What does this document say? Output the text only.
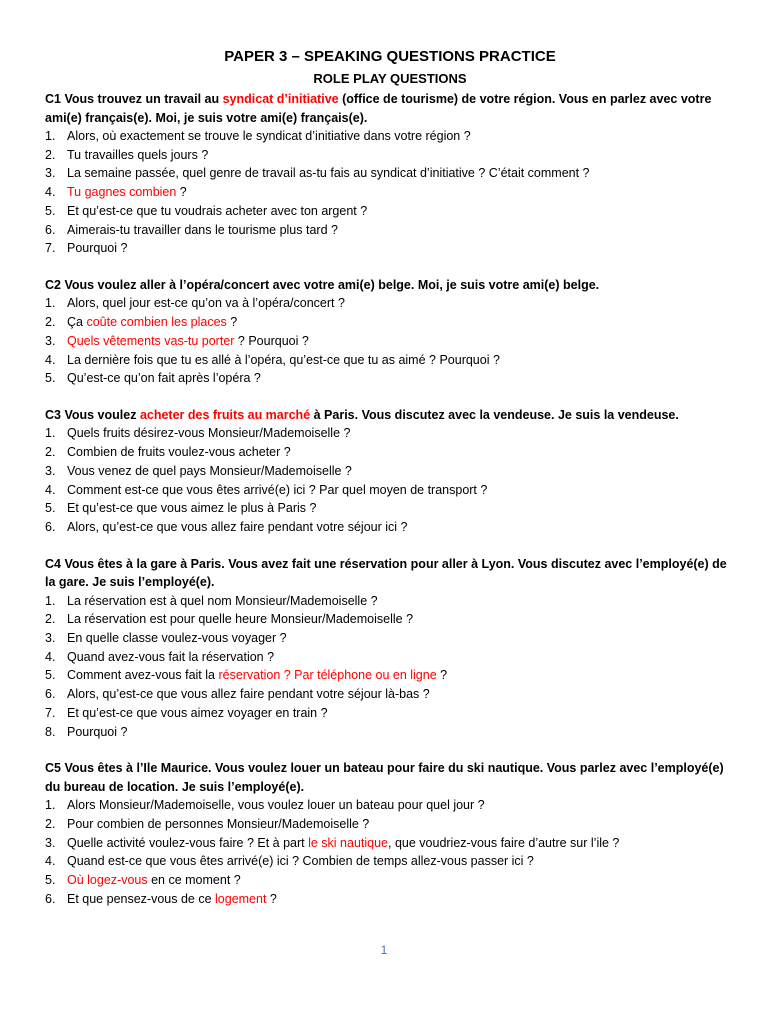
PAPER 3 – SPEAKING QUESTIONS PRACTICE
ROLE PLAY QUESTIONS
C1 Vous trouvez un travail au syndicat d’initiative (office de tourisme) de votre région. Vous en parlez avec votre ami(e) français(e). Moi, je suis votre ami(e) français(e).
1. Alors, où exactement se trouve le syndicat d’initiative dans votre région ?
2. Tu travailles quels jours ?
3. La semaine passée, quel genre de travail as-tu fais au syndicat d’initiative ? C’était comment ?
4. Tu gagnes combien ?
5. Et qu’est-ce que tu voudrais acheter avec ton argent ?
6. Aimerais-tu travailler dans le tourisme plus tard ?
7. Pourquoi ?
C2 Vous voulez aller à l’opéra/concert avec votre ami(e) belge. Moi, je suis votre ami(e) belge.
1. Alors, quel jour est-ce qu’on va à l’opéra/concert ?
2. Ça coûte combien les places ?
3. Quels vêtements vas-tu porter ? Pourquoi ?
4. La dernière fois que tu es allé à l’opéra, qu’est-ce que tu as aimé ? Pourquoi ?
5. Qu’est-ce qu’on fait après l’opéra ?
C3 Vous voulez acheter des fruits au marché à Paris. Vous discutez avec la vendeuse. Je suis la vendeuse.
1. Quels fruits désirez-vous Monsieur/Mademoiselle ?
2. Combien de fruits voulez-vous acheter ?
3. Vous venez de quel pays Monsieur/Mademoiselle ?
4. Comment est-ce que vous êtes arrivé(e) ici ? Par quel moyen de transport ?
5. Et qu’est-ce que vous aimez le plus à Paris ?
6. Alors, qu’est-ce que vous allez faire pendant votre séjour ici ?
C4 Vous êtes à la gare à Paris. Vous avez fait une réservation pour aller à Lyon. Vous discutez avec l’employé(e) de la gare. Je suis l’employé(e).
1. La réservation est à quel nom Monsieur/Mademoiselle ?
2. La réservation est pour quelle heure Monsieur/Mademoiselle ?
3. En quelle classe voulez-vous voyager ?
4. Quand avez-vous fait la réservation ?
5. Comment avez-vous fait la réservation ? Par téléphone ou en ligne ?
6. Alors, qu’est-ce que vous allez faire pendant votre séjour là-bas ?
7. Et qu’est-ce que vous aimez voyager en train ?
8. Pourquoi ?
C5 Vous êtes à l’Ile Maurice. Vous voulez louer un bateau pour faire du ski nautique. Vous parlez avec l’employé(e) du bureau de location. Je suis l’employé(e).
1. Alors Monsieur/Mademoiselle, vous voulez louer un bateau pour quel jour ?
2. Pour combien de personnes Monsieur/Mademoiselle ?
3. Quelle activité voulez-vous faire ? Et à part le ski nautique, que voudriez-vous faire d’autre sur l’ile ?
4. Quand est-ce que vous êtes arrivé(e) ici ? Combien de temps allez-vous passer ici ?
5. Où logez-vous en ce moment ?
6. Et que pensez-vous de ce logement ?
1
